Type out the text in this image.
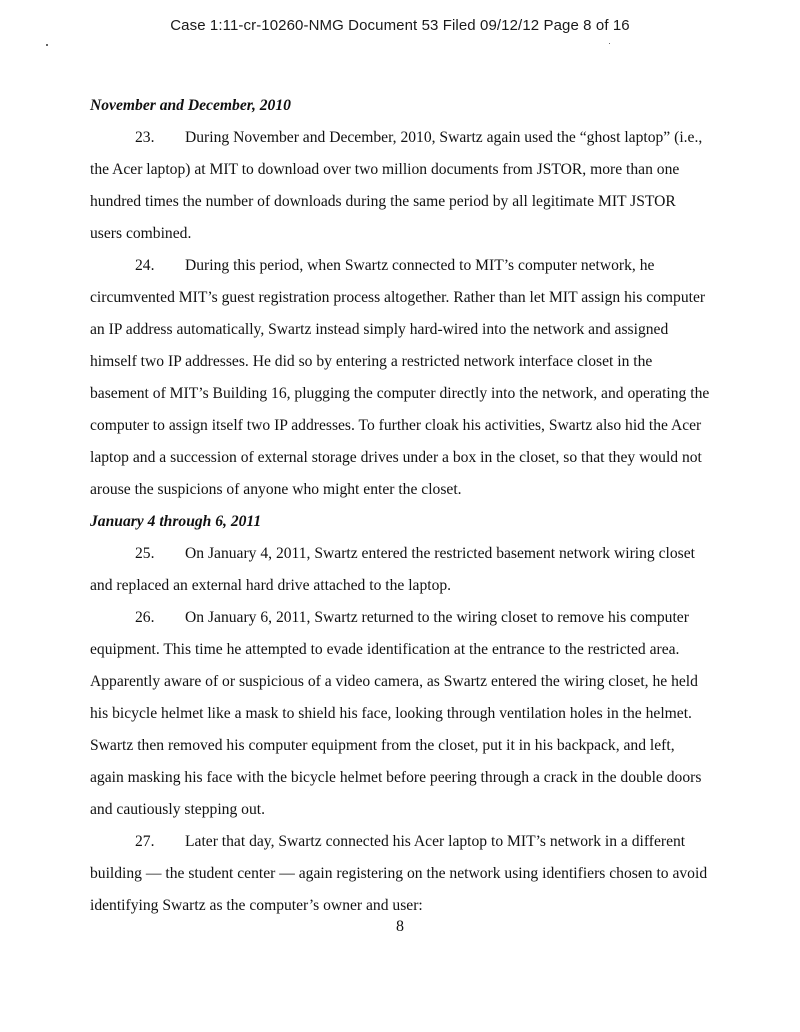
Case 1:11-cr-10260-NMG Document 53 Filed 09/12/12 Page 8 of 16

November and December, 2010

23. During November and December, 2010, Swartz again used the “ghost laptop” (i.e., the Acer laptop) at MIT to download over two million documents from JSTOR, more than one hundred times the number of downloads during the same period by all legitimate MIT JSTOR users combined.

24. During this period, when Swartz connected to MIT’s computer network, he circumvented MIT’s guest registration process altogether. Rather than let MIT assign his computer an IP address automatically, Swartz instead simply hard-wired into the network and assigned himself two IP addresses. He did so by entering a restricted network interface closet in the basement of MIT’s Building 16, plugging the computer directly into the network, and operating the computer to assign itself two IP addresses. To further cloak his activities, Swartz also hid the Acer laptop and a succession of external storage drives under a box in the closet, so that they would not arouse the suspicions of anyone who might enter the closet.

January 4 through 6, 2011

25. On January 4, 2011, Swartz entered the restricted basement network wiring closet and replaced an external hard drive attached to the laptop.

26. On January 6, 2011, Swartz returned to the wiring closet to remove his computer equipment. This time he attempted to evade identification at the entrance to the restricted area. Apparently aware of or suspicious of a video camera, as Swartz entered the wiring closet, he held his bicycle helmet like a mask to shield his face, looking through ventilation holes in the helmet. Swartz then removed his computer equipment from the closet, put it in his backpack, and left, again masking his face with the bicycle helmet before peering through a crack in the double doors and cautiously stepping out.

27. Later that day, Swartz connected his Acer laptop to MIT’s network in a different building — the student center — again registering on the network using identifiers chosen to avoid identifying Swartz as the computer’s owner and user:

8
